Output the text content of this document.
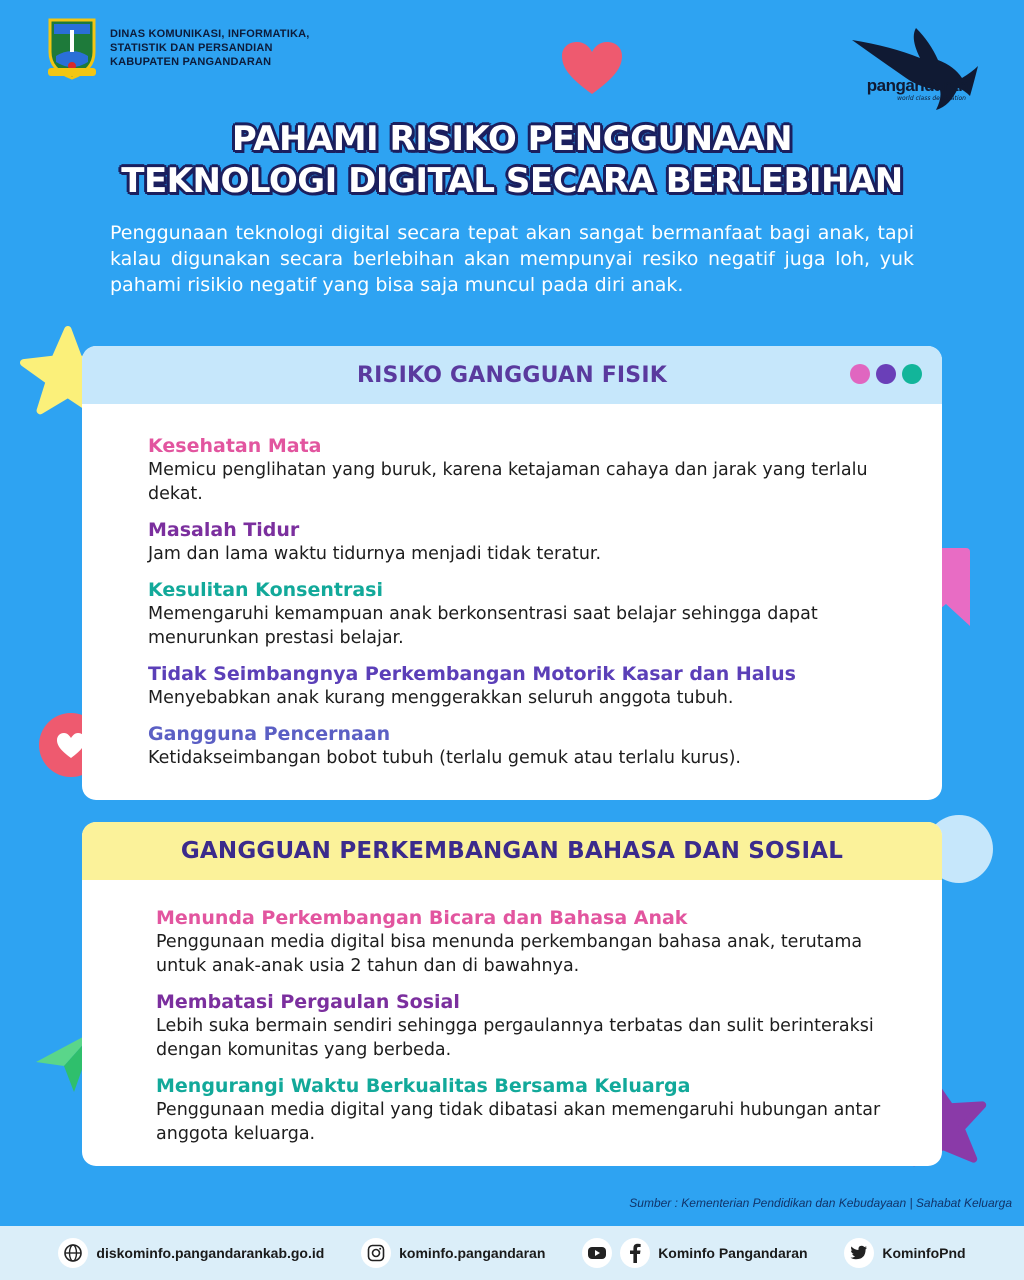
DINAS KOMUNIKASI, INFORMATIKA,
STATISTIK DAN PERSANDIAN
KABUPATEN PANGANDARAN
pangandaran
world class destination
PAHAMI RISIKO PENGGUNAAN
TEKNOLOGI DIGITAL SECARA BERLEBIHAN
Penggunaan teknologi digital secara tepat akan sangat bermanfaat bagi anak, tapi kalau digunakan secara berlebihan akan mempunyai resiko negatif juga loh, yuk pahami risikio negatif yang bisa saja muncul pada diri anak.
RISIKO GANGGUAN FISIK
Kesehatan Mata
Memicu penglihatan yang buruk, karena ketajaman cahaya dan jarak yang terlalu dekat.
Masalah Tidur
Jam dan lama waktu tidurnya menjadi tidak teratur.
Kesulitan Konsentrasi
Memengaruhi kemampuan anak berkonsentrasi saat belajar sehingga dapat menurunkan prestasi belajar.
Tidak Seimbangnya Perkembangan Motorik Kasar dan Halus
Menyebabkan anak kurang menggerakkan seluruh anggota tubuh.
Gangguna Pencernaan
Ketidakseimbangan bobot tubuh (terlalu gemuk atau terlalu kurus).
GANGGUAN PERKEMBANGAN BAHASA DAN SOSIAL
Menunda Perkembangan Bicara dan Bahasa Anak
Penggunaan media digital bisa menunda perkembangan bahasa anak, terutama untuk anak-anak usia 2 tahun dan di bawahnya.
Membatasi Pergaulan Sosial
Lebih suka bermain sendiri sehingga pergaulannya terbatas dan sulit berinteraksi dengan komunitas yang berbeda.
Mengurangi Waktu Berkualitas Bersama Keluarga
Penggunaan media digital yang tidak dibatasi akan memengaruhi hubungan antar anggota keluarga.
Sumber : Kementerian Pendidikan dan Kebudayaan | Sahabat Keluarga
diskominfo.pangandarankab.go.id	kominfo.pangandaran	Kominfo Pangandaran	KominfoPnd
